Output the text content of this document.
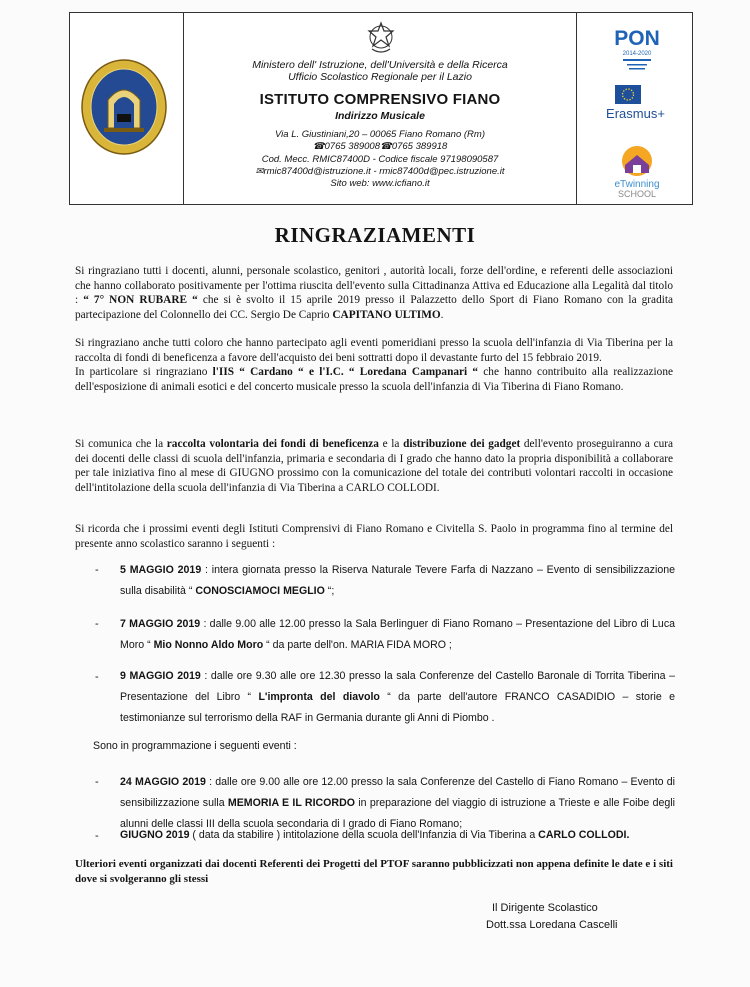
Ministero dell' Istruzione, dell'Università e della Ricerca
Ufficio Scolastico Regionale per il Lazio
ISTITUTO COMPRENSIVO FIANO
Indirizzo Musicale
Via L. Giustiniani,20 – 00065 Fiano Romano (Rm)
☎0765 389008☎0765 389918
Cod. Mecc. RMIC87400D - Codice fiscale 97198090587
✉rmic87400d@istruzione.it - rmic87400d@pec.istruzione.it
Sito web: www.icfiano.it
PON
2014-2020
Erasmus+
eTwinning
SCHOOL
RINGRAZIAMENTI

Si ringraziano tutti i docenti, alunni, personale scolastico, genitori , autorità locali, forze dell'ordine, e referenti delle associazioni che hanno collaborato positivamente per l'ottima riuscita dell'evento sulla Cittadinanza Attiva ed Educazione alla Legalità dal titolo : “ 7° NON RUBARE “ che si è svolto il 15 aprile 2019 presso il Palazzetto dello Sport di Fiano Romano con la gradita partecipazione del Colonnello dei CC. Sergio De Caprio CAPITANO ULTIMO.

Si ringraziano anche tutti coloro che hanno partecipato agli eventi pomeridiani presso la scuola dell'infanzia di Via Tiberina per la raccolta di fondi di beneficenza a favore dell'acquisto dei beni sottratti dopo il devastante furto del 15 febbraio 2019.
In particolare si ringraziano l'IIS “ Cardano “ e l'I.C. “ Loredana Campanari “ che hanno contribuito alla realizzazione dell'esposizione di animali esotici e del concerto musicale presso la scuola dell'infanzia di Via Tiberina di Fiano Romano.

Si comunica che la raccolta volontaria dei fondi di beneficenza e la distribuzione dei gadget dell'evento proseguiranno a cura dei docenti delle classi di scuola dell'infanzia, primaria e secondaria di I grado che hanno dato la propria disponibilità a collaborare per tale iniziativa fino al mese di GIUGNO prossimo con la comunicazione del totale dei contributi volontari raccolti in occasione dell'intitolazione della scuola dell'infanzia di Via Tiberina a CARLO COLLODI.

Si ricorda che i prossimi eventi degli Istituti Comprensivi di Fiano Romano e Civitella S. Paolo in programma fino al termine del presente anno scolastico saranno i seguenti :

- 5 MAGGIO 2019 : intera giornata presso la Riserva Naturale Tevere Farfa di Nazzano – Evento di sensibilizzazione sulla disabilità “ CONOSCIAMOCI MEGLIO “;

- 7 MAGGIO 2019 : dalle 9.00 alle 12.00 presso la Sala Berlinguer di Fiano Romano – Presentazione del Libro di Luca Moro “ Mio Nonno Aldo Moro “ da parte dell'on. MARIA FIDA MORO ;

- 9 MAGGIO 2019 : dalle ore 9.30 alle ore 12.30 presso la sala Conferenze del Castello Baronale di Torrita Tiberina – Presentazione del Libro “ L'impronta del diavolo “ da parte dell'autore FRANCO CASADIDIO – storie e testimonianze sul terrorismo della RAF in Germania durante gli Anni di Piombo .

Sono in programmazione i seguenti eventi :
- 24 MAGGIO 2019 : dalle ore 9.00 alle ore 12.00 presso la sala Conferenze del Castello di Fiano Romano – Evento di sensibilizzazione sulla MEMORIA E IL RICORDO in preparazione del viaggio di istruzione a Trieste e alle Foibe degli alunni delle classi III della scuola secondaria di I grado di Fiano Romano;

- GIUGNO 2019 ( data da stabilire ) intitolazione della scuola dell'Infanzia di Via Tiberina a CARLO COLLODI.

Ulteriori eventi organizzati dai docenti Referenti dei Progetti del PTOF saranno pubblicizzati non appena definite le date e i siti dove si svolgeranno gli stessi

Il Dirigente Scolastico
Dott.ssa Loredana Cascelli
